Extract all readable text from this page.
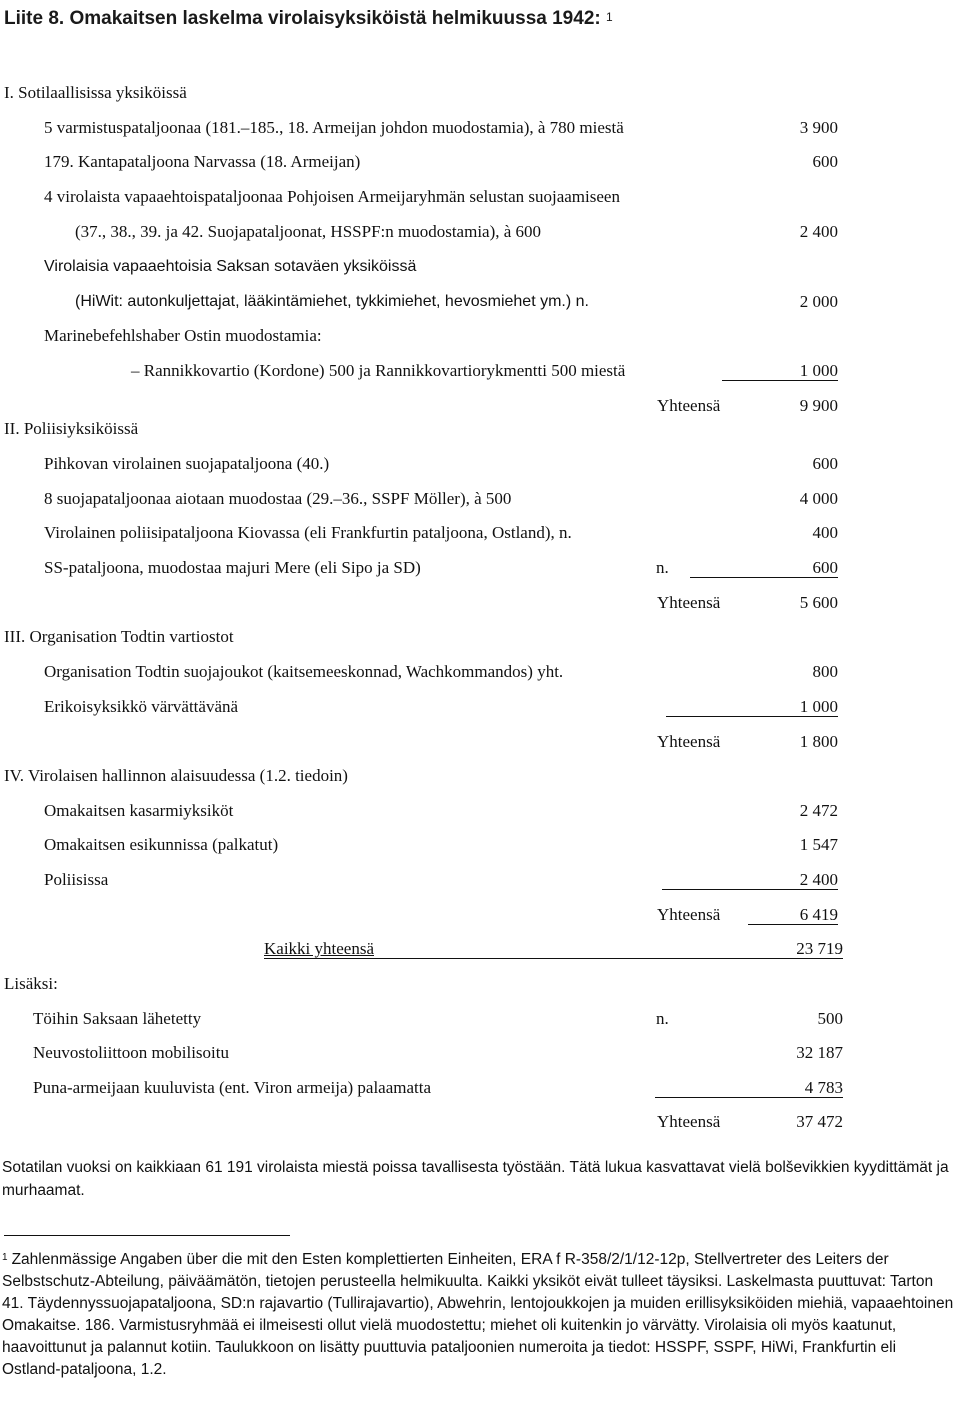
Liite 8. Omakaitsen laskelma virolaisyksiköistä helmikuussa 1942: $^1$
I. Sotilaallisissa yksiköissä
5 varmistuspataljoonaa (181.–185., 18. Armeijan johdon muodostamia), à 780 miestä	3 900
179. Kantapataljoona Narvassa (18. Armeijan)	600
4 virolaista vapaaehtoispataljoonaa Pohjoisen Armeijaryhmän selustan suojaamiseen
(37., 38., 39. ja 42. Suojapataljoonat, HSSPF:n muodostamia), à 600	2 400
Virolaisia vapaaehtoisia Saksan sotaväen yksiköissä
(HiWit: autonkuljettajat, lääkintämiehet, tykkimiehet, hevosmiehet ym.) n.	2 000
Marinebefehlshaber Ostin muodostamia:
– Rannikkovartio (Kordone) 500 ja Rannikkovartiorykmentti 500 miestä	1 000
Yhteensä	9 900
II. Poliisiyksiköissä
Pihkovan virolainen suojapataljoona (40.)	600
8 suojapataljoonaa aiotaan muodostaa (29.–36., SSPF Möller), à 500	4 000
Virolainen poliisipataljoona Kiovassa (eli Frankfurtin pataljoona, Ostland), n.	400
SS-pataljoona, muodostaa majuri Mere (eli Sipo ja SD)	n.	600
Yhteensä	5 600
III. Organisation Todtin vartiostot
Organisation Todtin suojajoukot (kaitsemeeskonnad, Wachkommandos) yht.	800
Erikoisyksikkö värvättävänä	1 000
Yhteensä	1 800
IV. Virolaisen hallinnon alaisuudessa (1.2. tiedoin)
Omakaitsen kasarmiyksiköt	2 472
Omakaitsen esikunnissa (palkatut)	1 547
Poliisissa	2 400
Yhteensä	6 419
Kaikki yhteensä	23 719
Lisäksi:
Töihin Saksaan lähetetty	n.	500
Neuvostoliittoon mobilisoitu	32 187
Puna-armeijaan kuuluvista (ent. Viron armeija) palaamatta	4 783
Yhteensä	37 472
Sotatilan vuoksi on kaikkiaan 61 191 virolaista miestä poissa tavallisesta työstään. Tätä lukua kasvattavat vielä bolševikkien kyydittämät ja murhaamat.
$^1$ Zahlenmässige Angaben über die mit den Esten komplettierten Einheiten, ERA f R-358/2/1/12-12p, Stellvertreter des Leiters der Selbstschutz-Abteilung, päiväämätön, tietojen perusteella helmikuulta. Kaikki yksiköt eivät tulleet täysiksi. Laskelmasta puuttuvat: Tarton 41. Täydennyssuojapataljoona, SD:n rajavartio (Tullirajavartio), Abwehrin, lentojoukkojen ja muiden erillisyksiköiden miehiä, vapaaehtoinen Omakaitse. 186. Varmistusryhmää ei ilmeisesti ollut vielä muodostettu; miehet oli kuitenkin jo värvätty. Virolaisia oli myös kaatunut, haavoittunut ja palannut kotiin. Taulukkoon on lisätty puuttuvia pataljoonien numeroita ja tiedot: HSSPF, SSPF, HiWi, Frankfurtin eli Ostland-pataljoona, 1.2.
